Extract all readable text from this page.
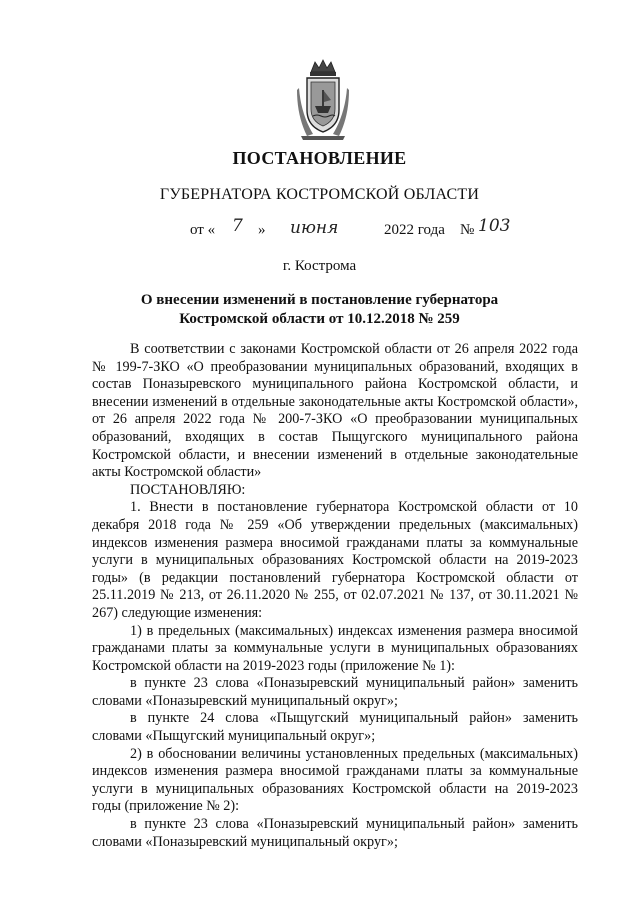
ПОСТАНОВЛЕНИЕ
ГУБЕРНАТОРА КОСТРОМСКОЙ ОБЛАСТИ
от « 7 » июня	2022 года № 103
г. Кострома
О внесении изменений в постановление губернатора
Костромской области от 10.12.2018 № 259

В соответствии с законами Костромской области от 26 апреля 2022 года № 199-7-ЗКО «О преобразовании муниципальных образований, входящих в состав Поназыревского муниципального района Костромской области, и внесении изменений в отдельные законодательные акты Костромской области», от 26 апреля 2022 года № 200-7-ЗКО «О преобразовании муниципальных образований, входящих в состав Пыщугского муниципального района Костромской области, и внесении изменений в отдельные законодательные акты Костромской области»

ПОСТАНОВЛЯЮ:

1. Внести в постановление губернатора Костромской области от 10 декабря 2018 года № 259 «Об утверждении предельных (максимальных) индексов изменения размера вносимой гражданами платы за коммунальные услуги в муниципальных образованиях Костромской области на 2019-2023 годы» (в редакции постановлений губернатора Костромской области от 25.11.2019 № 213, от 26.11.2020 № 255, от 02.07.2021 № 137, от 30.11.2021 № 267) следующие изменения:

1) в предельных (максимальных) индексах изменения размера вносимой гражданами платы за коммунальные услуги в муниципальных образованиях Костромской области на 2019-2023 годы (приложение № 1):

в пункте 23 слова «Поназыревский муниципальный район» заменить словами «Поназыревский муниципальный округ»;

в пункте 24 слова «Пыщугский муниципальный район» заменить словами «Пыщугский муниципальный округ»;

2) в обосновании величины установленных предельных (максимальных) индексов изменения размера вносимой гражданами платы за коммунальные услуги в муниципальных образованиях Костромской области на 2019-2023 годы (приложение № 2):

в пункте 23 слова «Поназыревский муниципальный район» заменить словами «Поназыревский муниципальный округ»;
